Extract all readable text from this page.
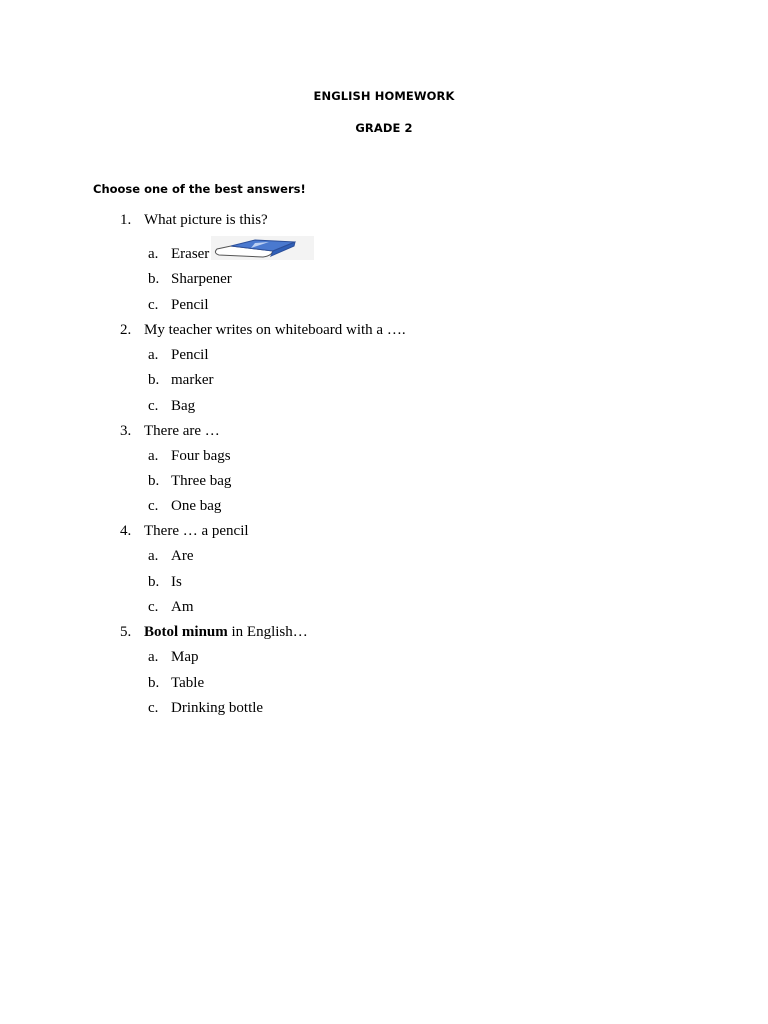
ENGLISH HOMEWORK
GRADE 2
Choose one of the best answers!
1. What picture is this?
a. Eraser
b. Sharpener
c. Pencil
2. My teacher writes on whiteboard with a ….
a. Pencil
b. marker
c. Bag
3. There are …
a. Four bags
b. Three bag
c. One bag
4. There … a pencil
a. Are
b. Is
c. Am
5. Botol minum in English…
a. Map
b. Table
c. Drinking bottle
